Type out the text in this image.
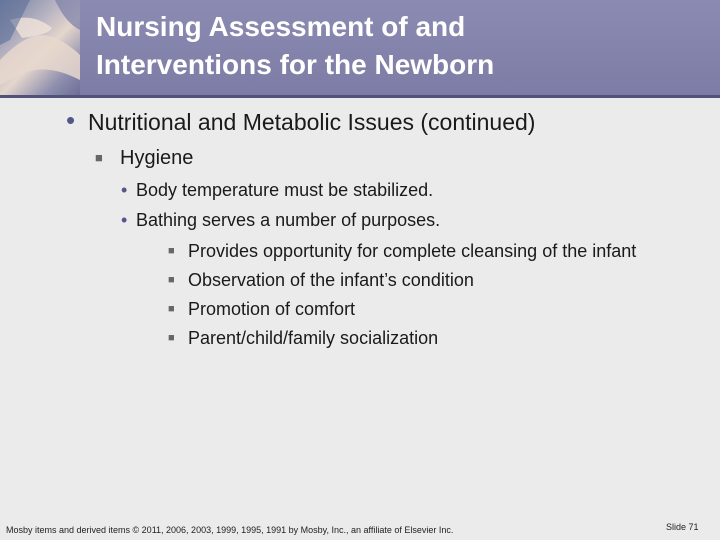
Nursing Assessment of and
Interventions for the Newborn
• Nutritional and Metabolic Issues (continued)
■ Hygiene
• Body temperature must be stabilized.
• Bathing serves a number of purposes.
■ Provides opportunity for complete cleansing of the infant
■ Observation of the infant’s condition
■ Promotion of comfort
■ Parent/child/family socialization
Mosby items and derived items © 2011, 2006, 2003, 1999, 1995, 1991 by Mosby, Inc., an affiliate of Elsevier Inc.	Slide 71
